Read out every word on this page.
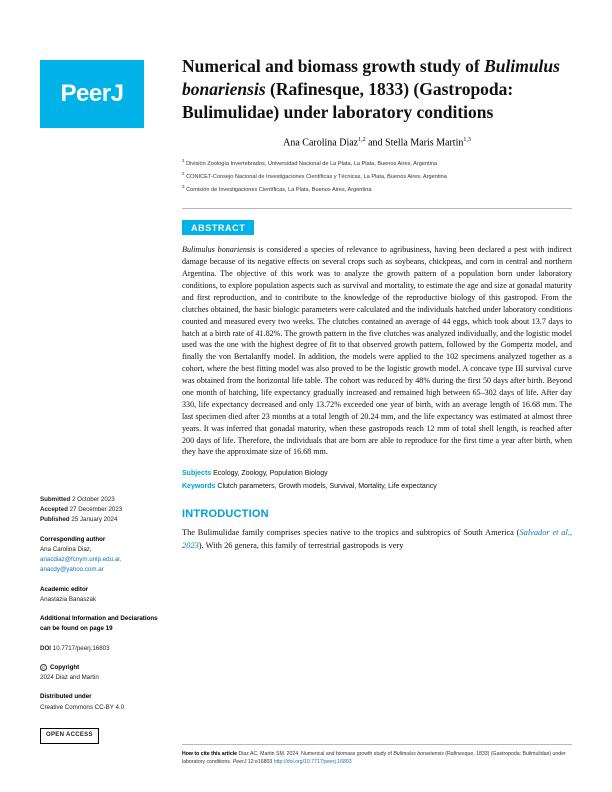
PeerJ
Submitted 2 October 2023
Accepted 27 December 2023
Published 25 January 2024
Corresponding author
Ana Carolina Diaz,
anacdiaz@fcnym.unlp.edu.ar,
anacdy@yahoo.com.ar
Academic editor
Anastazia Banaszak
Additional Information and Declarations can be found on page 19
DOI 10.7717/peerj.16803
c Copyright
2024 Diaz and Martin
Distributed under
Creative Commons CC-BY 4.0
OPEN ACCESS
Numerical and biomass growth study of Bulimulus bonariensis (Rafinesque, 1833) (Gastropoda: Bulimulidae) under laboratory conditions
Ana Carolina Diaz$^{1,2}$ and Stella Maris Martin$^{1,3}$
$^1$ División Zoología Invertebrados, Universidad Nacional de La Plata, La Plata, Buenos Aires, Argentina
$^2$ CONICET-Consejo Nacional de Investigaciones Científicas y Técnicas, La Plata, Buenos Aires, Argentina
$^3$ Comisión de Investigaciones Científicas, La Plata, Buenos Aires, Argentina
ABSTRACT

Bulimulus bonariensis is considered a species of relevance to agribusiness, having been declared a pest with indirect damage because of its negative effects on several crops such as soybeans, chickpeas, and corn in central and northern Argentina. The objective of this work was to analyze the growth pattern of a population born under laboratory conditions, to explore population aspects such as survival and mortality, to estimate the age and size at gonadal maturity and first reproduction, and to contribute to the knowledge of the reproductive biology of this gastropod. From the clutches obtained, the basic biologic parameters were calculated and the individuals hatched under laboratory conditions counted and measured every two weeks. The clutches contained an average of 44 eggs, which took about 13.7 days to hatch at a birth rate of 41.82%. The growth pattern in the five clutches was analyzed individually, and the logistic model used was the one with the highest degree of fit to that observed growth pattern, followed by the Gompertz model, and finally the von Bertalanffy model. In addition, the models were applied to the 102 specimens analyzed together as a cohort, where the best fitting model was also proved to be the logistic growth model. A concave type III survival curve was obtained from the horizontal life table. The cohort was reduced by 48% during the first 50 days after birth. Beyond one month of hatching, life expectancy gradually increased and remained high between 65–302 days of life. After day 330, life expectancy decreased and only 13.72% exceeded one year of birth, with an average length of 16.68 mm. The last specimen died after 23 months at a total length of 20.24 mm, and the life expectancy was estimated at almost three years. It was inferred that gonadal maturity, when these gastropods reach 12 mm of total shell length, is reached after 200 days of life. Therefore, the individuals that are born are able to reproduce for the first time a year after birth, when they have the approximate size of 16.68 mm.

Subjects Ecology, Zoology, Population Biology
Keywords Clutch parameters, Growth models, Survival, Mortality, Life expectancy
INTRODUCTION

The Bulimulidae family comprises species native to the tropics and subtropics of South America (Salvador et al., 2023). With 26 genera, this family of terrestrial gastropods is very

How to cite this article Diaz AC, Martin SM. 2024. Numerical and biomass growth study of Bulimulus bonariensis (Rafinesque, 1833) (Gastropoda: Bulimulidae) under laboratory conditions. PeerJ 12:e16803 http://doi.org/10.7717/peerj.16803
